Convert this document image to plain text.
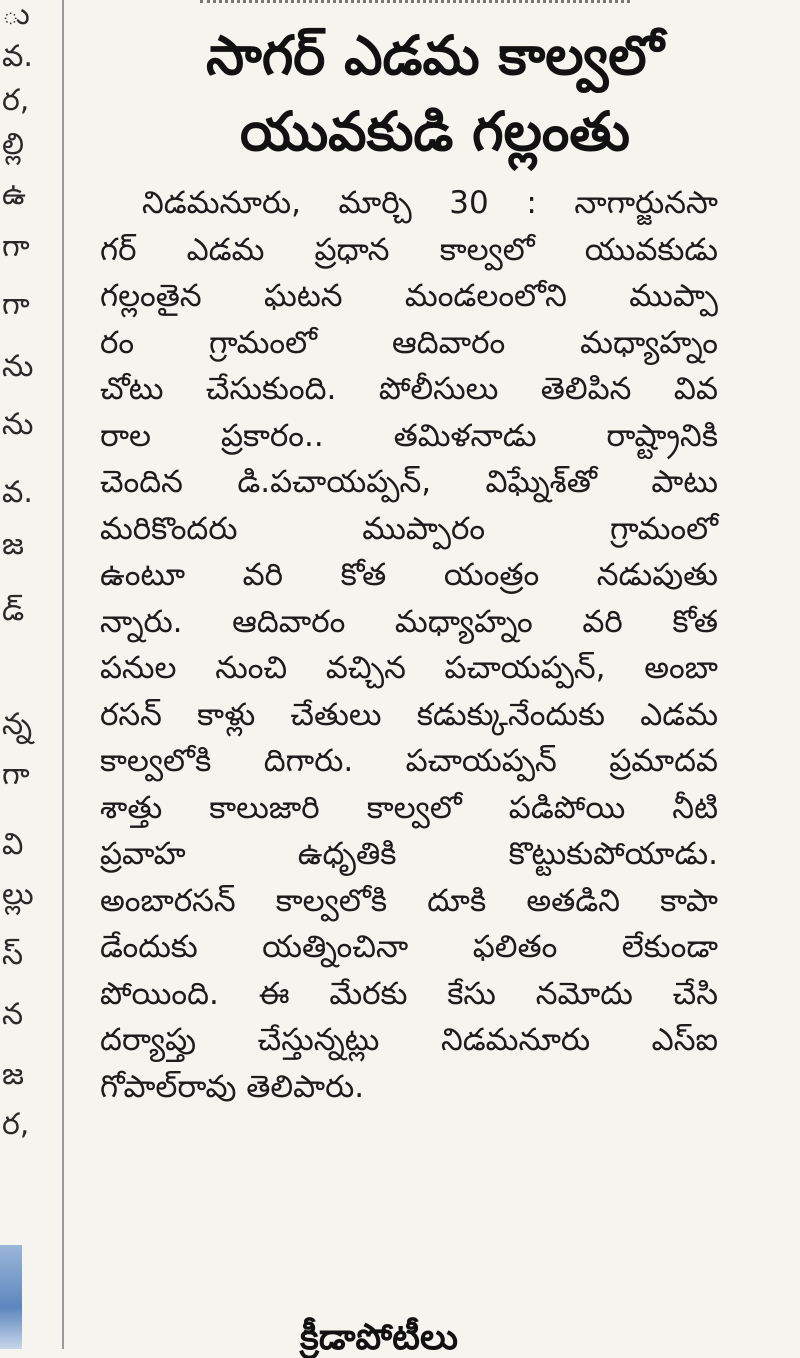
ు
వ.
ర,
ల్లి
ఉ
గా
గా
ను
ను
వ.
జ
డ్
న్న
గా
వి
ల్లు
స్
న
జ
ర,
సాగర్ ఎడమ కాల్వలో
యువకుడి గల్లంతు
నిడమనూరు, మార్చి 30 : నాగార్జునసా
గర్ ఎడమ ప్రధాన కాల్వలో యువకుడు
గల్లంతైన ఘటన మండలంలోని ముప్పా
రం గ్రామంలో ఆదివారం మధ్యాహ్నం
చోటు చేసుకుంది. పోలీసులు తెలిపిన వివ
రాల ప్రకారం.. తమిళనాడు రాష్ట్రానికి
చెందిన డి.పచాయప్పన్, విఘ్నేశ్‌తో పాటు
మరికొందరు ముప్పారం గ్రామంలో
ఉంటూ వరి కోత యంత్రం నడుపుతు
న్నారు. ఆదివారం మధ్యాహ్నం వరి కోత
పనుల నుంచి వచ్చిన పచాయప్పన్, అంబా
రసన్ కాళ్లు చేతులు కడుక్కునేందుకు ఎడమ
కాల్వలోకి దిగారు. పచాయప్పన్ ప్రమాదవ
శాత్తు కాలుజారి కాల్వలో పడిపోయి నీటి
ప్రవాహ ఉధృతికి కొట్టుకుపోయాడు.
అంబారసన్ కాల్వలోకి దూకి అతడిని కాపా
డేందుకు యత్నించినా ఫలితం లేకుండా
పోయింది. ఈ మేరకు కేసు నమోదు చేసి
దర్యాప్తు చేస్తున్నట్లు నిడమనూరు ఎస్ఐ
గోపాల్‌రావు తెలిపారు.
క్రీడాపోటీలు
